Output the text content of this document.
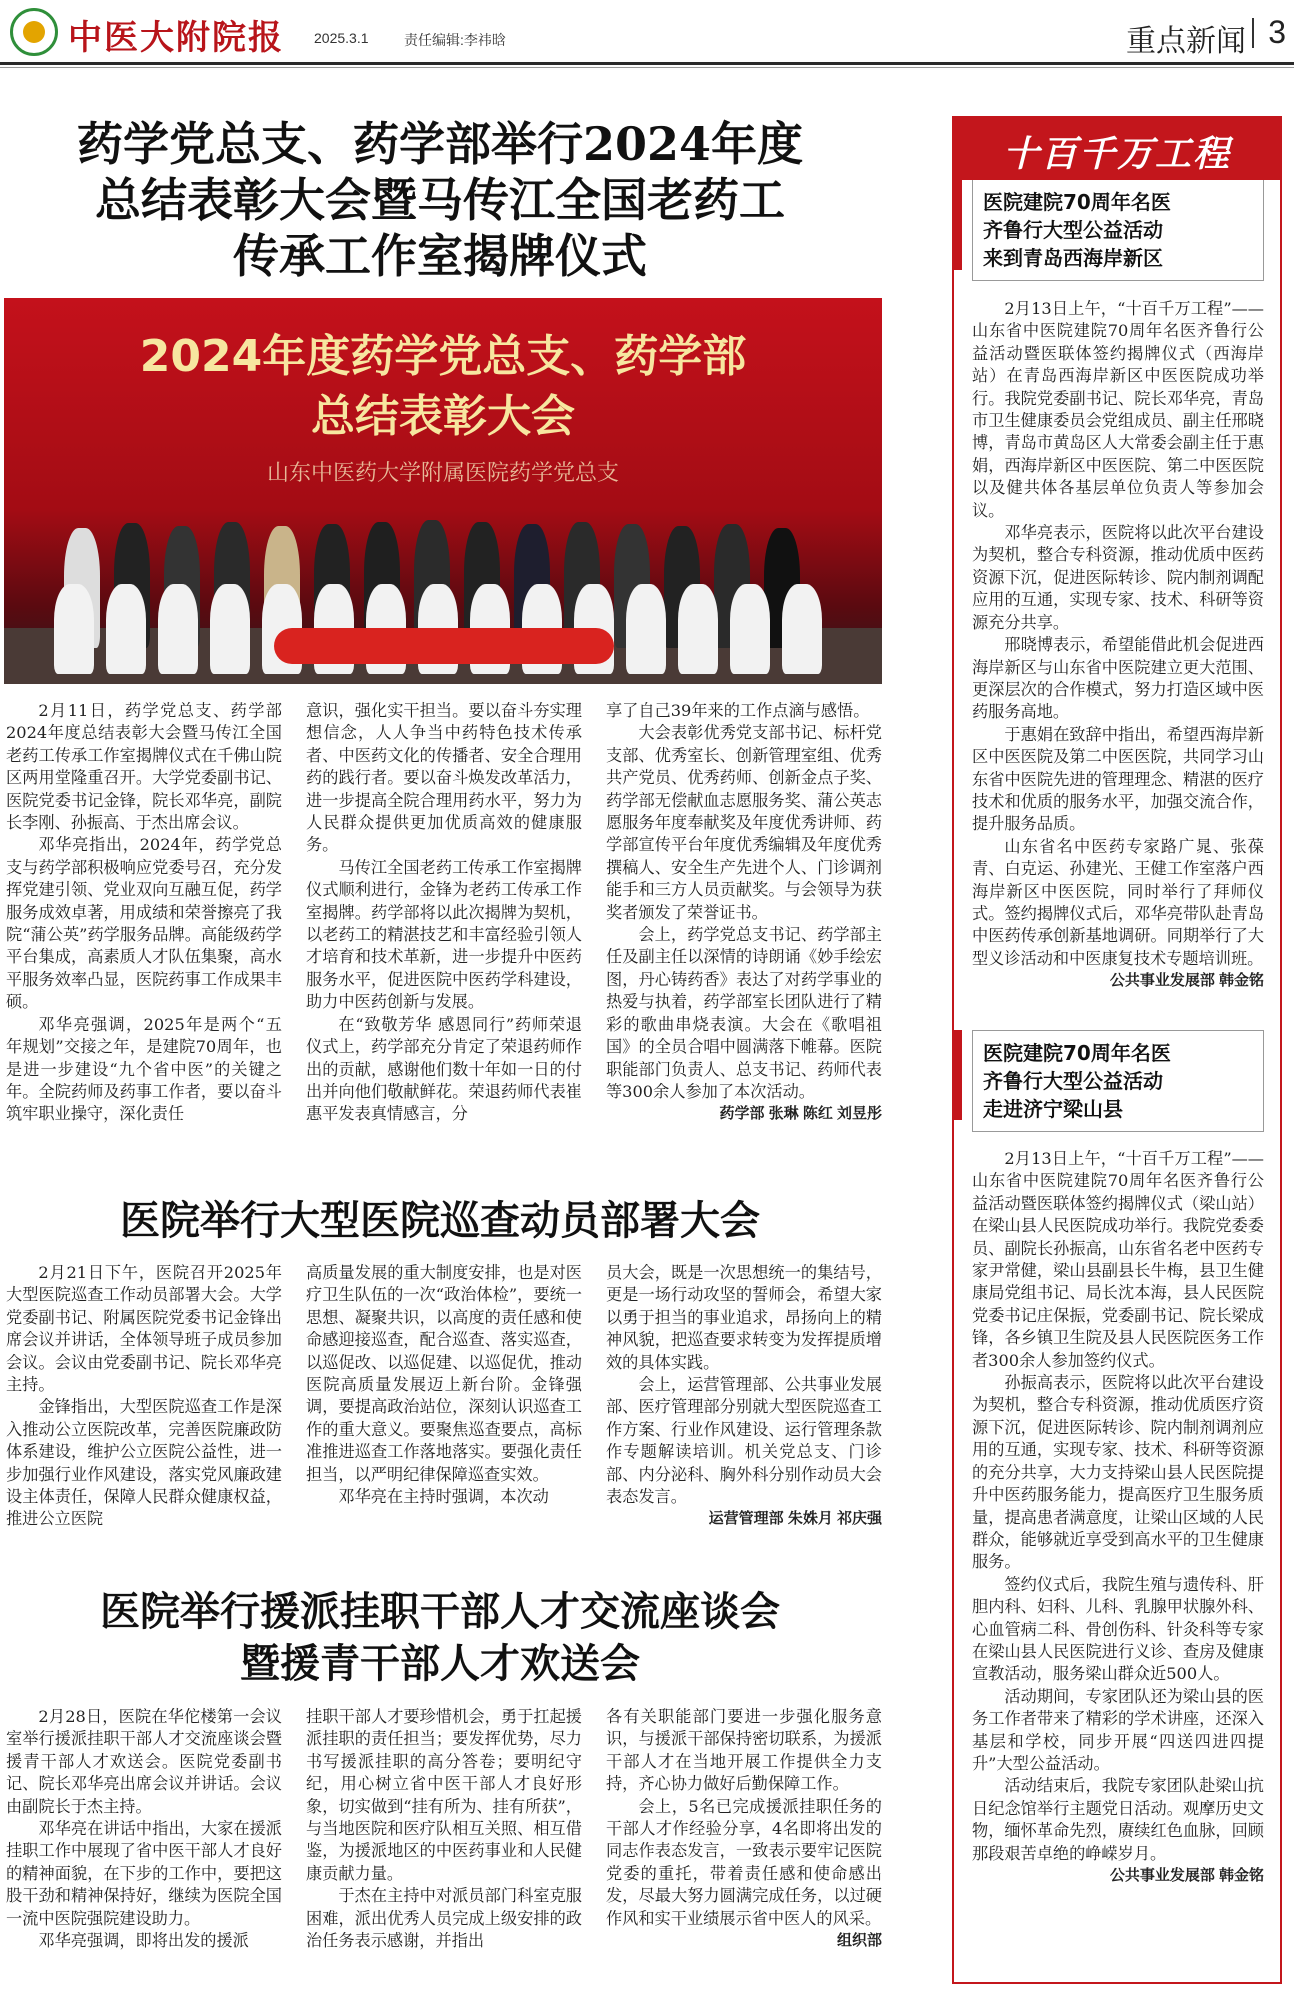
中医大附院报 2025.3.1	责任编辑:李祎晗	重点新闻 3
药学党总支、药学部举行2024年度
总结表彰大会暨马传江全国老药工
传承工作室揭牌仪式
2024年度药学党总支、药学部
总结表彰大会
山东中医药大学附属医院药学党总支

2月11日，药学党总支、药学部2024年度总结表彰大会暨马传江全国老药工传承工作室揭牌仪式在千佛山院区两用堂隆重召开。大学党委副书记、医院党委书记金锋，院长邓华亮，副院长李刚、孙振高、于杰出席会议。

邓华亮指出，2024年，药学党总支与药学部积极响应党委号召，充分发挥党建引领、党业双向互融互促，药学服务成效卓著，用成绩和荣誉擦亮了我院“蒲公英”药学服务品牌。高能级药学平台集成，高素质人才队伍集聚，高水平服务效率凸显，医院药事工作成果丰硕。

邓华亮强调，2025年是两个“五年规划”交接之年，是建院70周年，也是进一步建设“九个省中医”的关键之年。全院药师及药事工作者，要以奋斗筑牢职业操守，深化责任

意识，强化实干担当。要以奋斗夯实理想信念，人人争当中药特色技术传承者、中医药文化的传播者、安全合理用药的践行者。要以奋斗焕发改革活力，进一步提高全院合理用药水平，努力为人民群众提供更加优质高效的健康服务。

马传江全国老药工传承工作室揭牌仪式顺利进行，金锋为老药工传承工作室揭牌。药学部将以此次揭牌为契机，以老药工的精湛技艺和丰富经验引领人才培育和技术革新，进一步提升中医药服务水平，促进医院中医药学科建设，助力中医药创新与发展。

在“致敬芳华 感恩同行”药师荣退仪式上，药学部充分肯定了荣退药师作出的贡献，感谢他们数十年如一日的付出并向他们敬献鲜花。荣退药师代表崔惠平发表真情感言，分

享了自己39年来的工作点滴与感悟。

大会表彰优秀党支部书记、标杆党支部、优秀室长、创新管理室组、优秀共产党员、优秀药师、创新金点子奖、药学部无偿献血志愿服务奖、蒲公英志愿服务年度奉献奖及年度优秀讲师、药学部宣传平台年度优秀编辑及年度优秀撰稿人、安全生产先进个人、门诊调剂能手和三方人员贡献奖。与会领导为获奖者颁发了荣誉证书。

会上，药学党总支书记、药学部主任及副主任以深情的诗朗诵《妙手绘宏图，丹心铸药香》表达了对药学事业的热爱与执着，药学部室长团队进行了精彩的歌曲串烧表演。大会在《歌唱祖国》的全员合唱中圆满落下帷幕。医院职能部门负责人、总支书记、药师代表等300余人参加了本次活动。

药学部 张琳 陈红 刘昱彤
医院举行大型医院巡查动员部署大会

2月21日下午，医院召开2025年大型医院巡查工作动员部署大会。大学党委副书记、附属医院党委书记金锋出席会议并讲话，全体领导班子成员参加会议。会议由党委副书记、院长邓华亮主持。

金锋指出，大型医院巡查工作是深入推动公立医院改革，完善医院廉政防体系建设，维护公立医院公益性，进一步加强行业作风建设，落实党风廉政建设主体责任，保障人民群众健康权益，推进公立医院

高质量发展的重大制度安排，也是对医疗卫生队伍的一次“政治体检”，要统一思想、凝聚共识，以高度的责任感和使命感迎接巡查，配合巡查、落实巡查，以巡促改、以巡促建、以巡促优，推动医院高质量发展迈上新台阶。金锋强调，要提高政治站位，深刻认识巡查工作的重大意义。要聚焦巡查要点，高标准推进巡查工作落地落实。要强化责任担当，以严明纪律保障巡查实效。

邓华亮在主持时强调，本次动

员大会，既是一次思想统一的集结号，更是一场行动攻坚的誓师会，希望大家以勇于担当的事业追求，昂扬向上的精神风貌，把巡查要求转变为发挥提质增效的具体实践。

会上，运营管理部、公共事业发展部、医疗管理部分别就大型医院巡查工作方案、行业作风建设、运行管理条款作专题解读培训。机关党总支、门诊部、内分泌科、胸外科分别作动员大会表态发言。

运营管理部 朱姝月 祁庆强
医院举行援派挂职干部人才交流座谈会
暨援青干部人才欢送会

2月28日，医院在华佗楼第一会议室举行援派挂职干部人才交流座谈会暨援青干部人才欢送会。医院党委副书记、院长邓华亮出席会议并讲话。会议由副院长于杰主持。

邓华亮在讲话中指出，大家在援派挂职工作中展现了省中医干部人才良好的精神面貌，在下步的工作中，要把这股干劲和精神保持好，继续为医院全国一流中医院强院建设助力。

邓华亮强调，即将出发的援派

挂职干部人才要珍惜机会，勇于扛起援派挂职的责任担当；要发挥优势，尽力书写援派挂职的高分答卷；要明纪守纪，用心树立省中医干部人才良好形象，切实做到“挂有所为、挂有所获”，与当地医院和医疗队相互关照、相互借鉴，为援派地区的中医药事业和人民健康贡献力量。

于杰在主持中对派员部门科室克服困难，派出优秀人员完成上级安排的政治任务表示感谢，并指出

各有关职能部门要进一步强化服务意识，与援派干部保持密切联系，为援派干部人才在当地开展工作提供全力支持，齐心协力做好后勤保障工作。

会上，5名已完成援派挂职任务的干部人才作经验分享，4名即将出发的同志作表态发言，一致表示要牢记医院党委的重托，带着责任感和使命感出发，尽最大努力圆满完成任务，以过硬作风和实干业绩展示省中医人的风采。

组织部
十百千万工程
医院建院70周年名医
齐鲁行大型公益活动
来到青岛西海岸新区

2月13日上午，“十百千万工程”——山东省中医院建院70周年名医齐鲁行公益活动暨医联体签约揭牌仪式（西海岸站）在青岛西海岸新区中医医院成功举行。我院党委副书记、院长邓华亮，青岛市卫生健康委员会党组成员、副主任邢晓博，青岛市黄岛区人大常委会副主任于惠娟，西海岸新区中医医院、第二中医医院以及健共体各基层单位负责人等参加会议。

邓华亮表示，医院将以此次平台建设为契机，整合专科资源，推动优质中医药资源下沉，促进医际转诊、院内制剂调配应用的互通，实现专家、技术、科研等资源充分共享。

邢晓博表示，希望能借此机会促进西海岸新区与山东省中医院建立更大范围、更深层次的合作模式，努力打造区域中医药服务高地。

于惠娟在致辞中指出，希望西海岸新区中医医院及第二中医医院，共同学习山东省中医院先进的管理理念、精湛的医疗技术和优质的服务水平，加强交流合作，提升服务品质。

山东省名中医药专家路广晁、张葆青、白克运、孙建光、王健工作室落户西海岸新区中医医院，同时举行了拜师仪式。签约揭牌仪式后，邓华亮带队赴青岛中医药传承创新基地调研。同期举行了大型义诊活动和中医康复技术专题培训班。

公共事业发展部 韩金铭
医院建院70周年名医
齐鲁行大型公益活动
走进济宁梁山县

2月13日上午，“十百千万工程”——山东省中医院建院70周年名医齐鲁行公益活动暨医联体签约揭牌仪式（梁山站）在梁山县人民医院成功举行。我院党委委员、副院长孙振高，山东省名老中医药专家尹常健，梁山县副县长牛梅，县卫生健康局党组书记、局长沈本海，县人民医院党委书记庄保振，党委副书记、院长梁成锋，各乡镇卫生院及县人民医院医务工作者300余人参加签约仪式。

孙振高表示，医院将以此次平台建设为契机，整合专科资源，推动优质医疗资源下沉，促进医际转诊、院内制剂调剂应用的互通，实现专家、技术、科研等资源的充分共享，大力支持梁山县人民医院提升中医药服务能力，提高医疗卫生服务质量，提高患者满意度，让梁山区域的人民群众，能够就近享受到高水平的卫生健康服务。

签约仪式后，我院生殖与遗传科、肝胆内科、妇科、儿科、乳腺甲状腺外科、心血管病二科、骨创伤科、针灸科等专家在梁山县人民医院进行义诊、查房及健康宣教活动，服务梁山群众近500人。

活动期间，专家团队还为梁山县的医务工作者带来了精彩的学术讲座，还深入基层和学校，同步开展“四送四进四提升”大型公益活动。

活动结束后，我院专家团队赴梁山抗日纪念馆举行主题党日活动。观摩历史文物，缅怀革命先烈，赓续红色血脉，回顾那段艰苦卓绝的峥嵘岁月。

公共事业发展部 韩金铭
